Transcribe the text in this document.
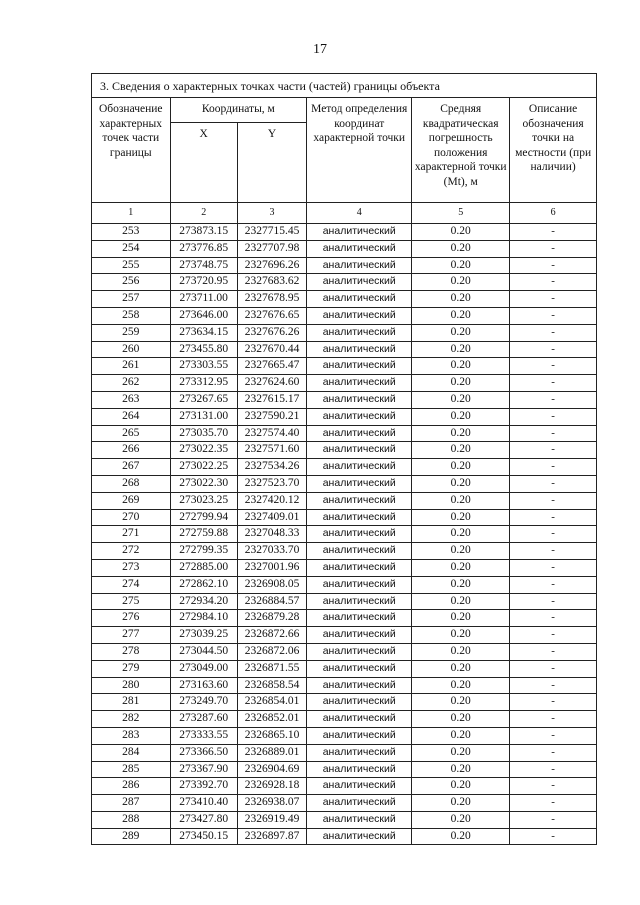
17
3. Сведения о характерных точках части (частей) границы объекта					
Обозначение характерных точек части границы	Координаты, м		Метод определения координат характерной точки	Средняя квадратическая погрешность положения характерной точки (Mt), м	Описание обозначения точки на местности (при наличии)
	X	Y			
1	2	3	4	5	6
253	273873.15	2327715.45	аналитический	0.20	-
254	273776.85	2327707.98	аналитический	0.20	-
255	273748.75	2327696.26	аналитический	0.20	-
256	273720.95	2327683.62	аналитический	0.20	-
257	273711.00	2327678.95	аналитический	0.20	-
258	273646.00	2327676.65	аналитический	0.20	-
259	273634.15	2327676.26	аналитический	0.20	-
260	273455.80	2327670.44	аналитический	0.20	-
261	273303.55	2327665.47	аналитический	0.20	-
262	273312.95	2327624.60	аналитический	0.20	-
263	273267.65	2327615.17	аналитический	0.20	-
264	273131.00	2327590.21	аналитический	0.20	-
265	273035.70	2327574.40	аналитический	0.20	-
266	273022.35	2327571.60	аналитический	0.20	-
267	273022.25	2327534.26	аналитический	0.20	-
268	273022.30	2327523.70	аналитический	0.20	-
269	273023.25	2327420.12	аналитический	0.20	-
270	272799.94	2327409.01	аналитический	0.20	-
271	272759.88	2327048.33	аналитический	0.20	-
272	272799.35	2327033.70	аналитический	0.20	-
273	272885.00	2327001.96	аналитический	0.20	-
274	272862.10	2326908.05	аналитический	0.20	-
275	272934.20	2326884.57	аналитический	0.20	-
276	272984.10	2326879.28	аналитический	0.20	-
277	273039.25	2326872.66	аналитический	0.20	-
278	273044.50	2326872.06	аналитический	0.20	-
279	273049.00	2326871.55	аналитический	0.20	-
280	273163.60	2326858.54	аналитический	0.20	-
281	273249.70	2326854.01	аналитический	0.20	-
282	273287.60	2326852.01	аналитический	0.20	-
283	273333.55	2326865.10	аналитический	0.20	-
284	273366.50	2326889.01	аналитический	0.20	-
285	273367.90	2326904.69	аналитический	0.20	-
286	273392.70	2326928.18	аналитический	0.20	-
287	273410.40	2326938.07	аналитический	0.20	-
288	273427.80	2326919.49	аналитический	0.20	-
289	273450.15	2326897.87	аналитический	0.20	-
